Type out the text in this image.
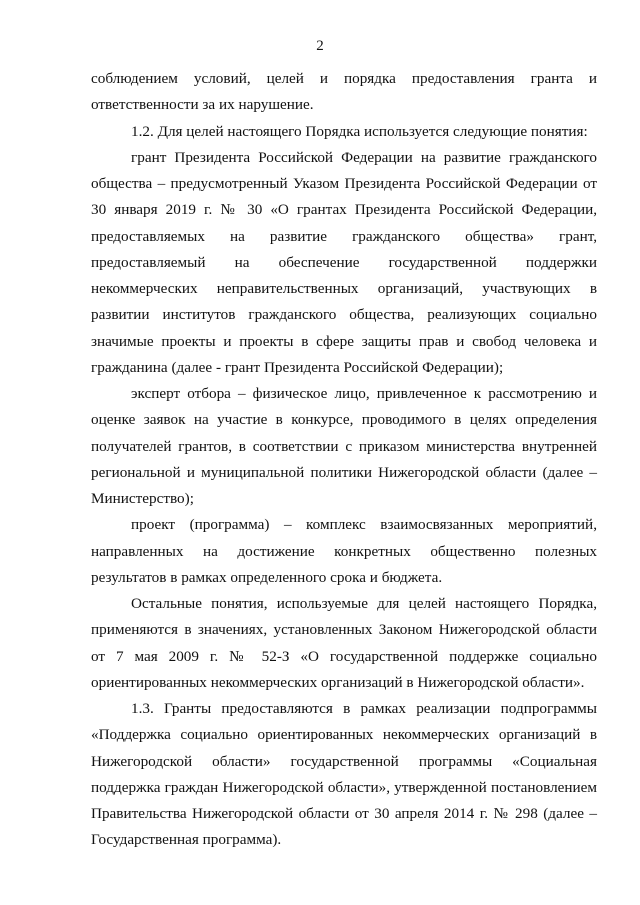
2

соблюдением условий, целей и порядка предоставления гранта и ответственности за их нарушение.

1.2. Для целей настоящего Порядка используется следующие понятия:

грант Президента Российской Федерации на развитие гражданского общества – предусмотренный Указом Президента Российской Федерации от 30 января 2019 г. № 30 «О грантах Президента Российской Федерации, предоставляемых на развитие гражданского общества» грант, предоставляемый на обеспечение государственной поддержки некоммерческих неправительственных организаций, участвующих в развитии институтов гражданского общества, реализующих социально значимые проекты и проекты в сфере защиты прав и свобод человека и гражданина (далее - грант Президента Российской Федерации);

эксперт отбора – физическое лицо, привлеченное к рассмотрению и оценке заявок на участие в конкурсе, проводимого в целях определения получателей грантов, в соответствии с приказом министерства внутренней региональной и муниципальной политики Нижегородской области (далее – Министерство);

проект (программа) – комплекс взаимосвязанных мероприятий, направленных на достижение конкретных общественно полезных результатов в рамках определенного срока и бюджета.

Остальные понятия, используемые для целей настоящего Порядка, применяются в значениях, установленных Законом Нижегородской области от 7 мая 2009 г. № 52-З «О государственной поддержке социально ориентированных некоммерческих организаций в Нижегородской области».

1.3. Гранты предоставляются в рамках реализации подпрограммы «Поддержка социально ориентированных некоммерческих организаций в Нижегородской области» государственной программы «Социальная поддержка граждан Нижегородской области», утвержденной постановлением Правительства Нижегородской области от 30 апреля 2014 г. № 298 (далее – Государственная программа).
